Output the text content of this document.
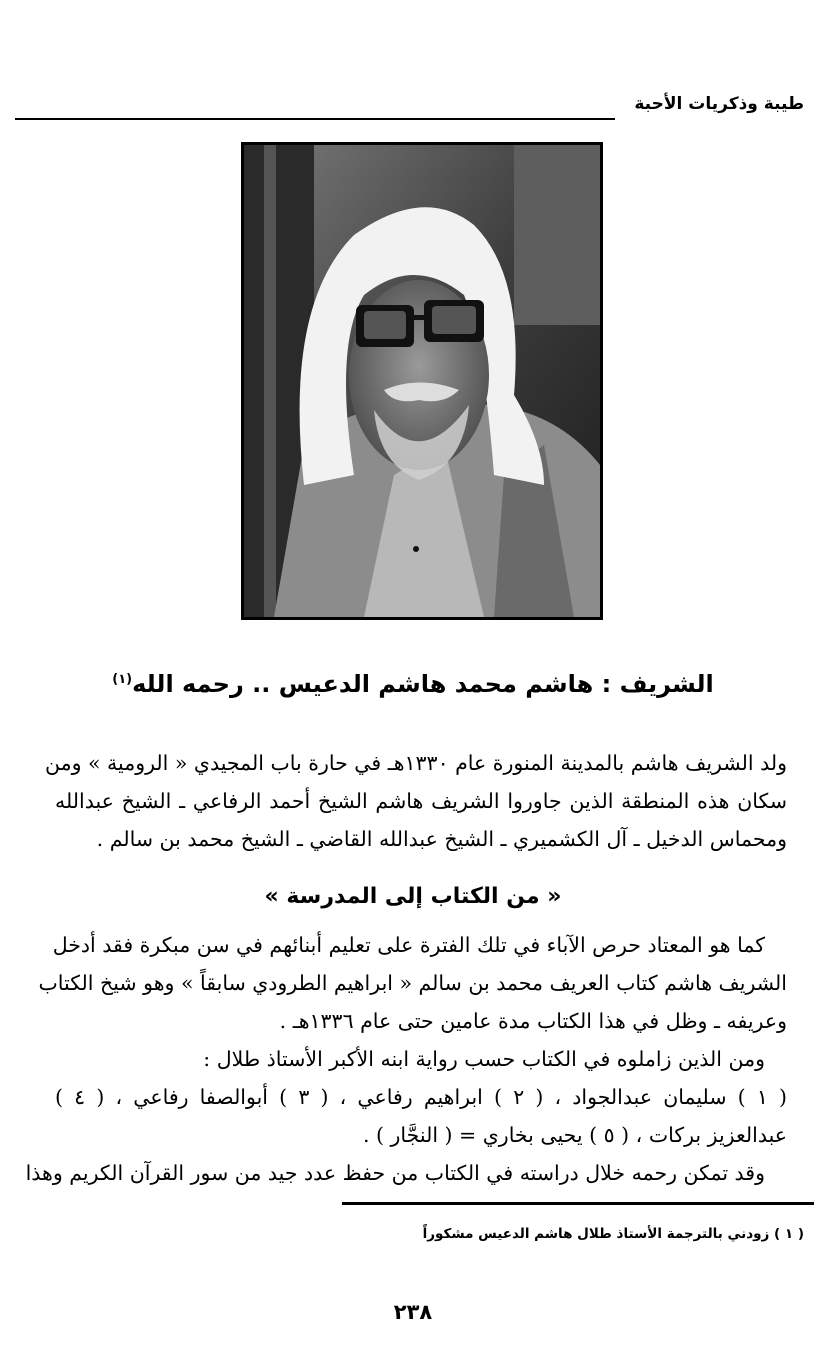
طيبة وذكريات الأحبة
الشريف : هاشم محمد هاشم الدعيس .. رحمه الله$^{(١)}$
ولد الشريف هاشم بالمدينة المنورة عام ١٣٣٠هـ في حارة باب المجيدي « الرومية » ومن
سكان هذه المنطقة الذين جاوروا الشريف هاشم الشيخ أحمد الرفاعي ـ الشيخ عبدالله
ومحماس الدخيل ـ آل الكشميري ـ الشيخ عبدالله القاضي ـ الشيخ محمد بن سالم .
« من الكتاب إلى المدرسة »
كما هو المعتاد حرص الآباء في تلك الفترة على تعليم أبنائهم في سن مبكرة فقد أدخل
الشريف هاشم كتاب العريف محمد بن سالم « ابراهيم الطرودي سابقاً » وهو شيخ الكتاب
وعريفه ـ وظل في هذا الكتاب مدة عامين حتى عام ١٣٣٦هـ .
ومن الذين زاملوه في الكتاب حسب رواية ابنه الأكبر الأستاذ طلال :
( ١ ) سليمان عبدالجواد ، ( ٢ ) ابراهيم رفاعي ، ( ٣ ) أبوالصفا رفاعي ، ( ٤ )
عبدالعزيز بركات ، ( ٥ ) يحيى بخاري = ( النجَّار ) .
وقد تمكن رحمه خلال دراسته في الكتاب من حفظ عدد جيد من سور القرآن الكريم وهذا
( ١ ) زودني بالترجمة الأستاذ طلال هاشم الدعيس مشكوراً
٢٣٨
